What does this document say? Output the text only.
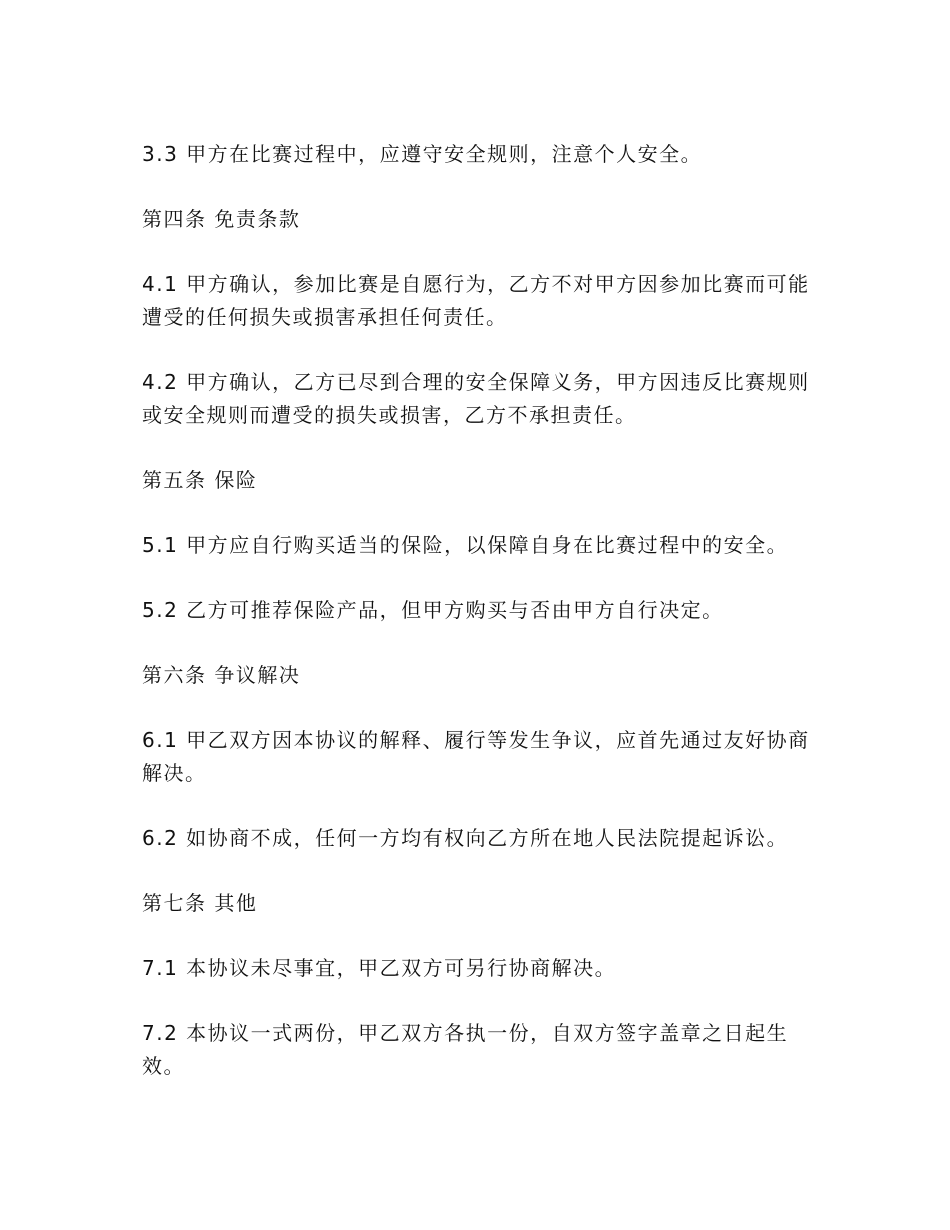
3.3 甲方在比赛过程中，应遵守安全规则，注意个人安全。

第四条 免责条款

4.1 甲方确认，参加比赛是自愿行为，乙方不对甲方因参加比赛而可能遭受的任何损失或损害承担任何责任。

4.2 甲方确认，乙方已尽到合理的安全保障义务，甲方因违反比赛规则或安全规则而遭受的损失或损害，乙方不承担责任。

第五条 保险

5.1 甲方应自行购买适当的保险，以保障自身在比赛过程中的安全。

5.2 乙方可推荐保险产品，但甲方购买与否由甲方自行决定。

第六条 争议解决

6.1 甲乙双方因本协议的解释、履行等发生争议，应首先通过友好协商解决。

6.2 如协商不成，任何一方均有权向乙方所在地人民法院提起诉讼。

第七条 其他

7.1 本协议未尽事宜，甲乙双方可另行协商解决。

7.2 本协议一式两份，甲乙双方各执一份，自双方签字盖章之日起生效。
